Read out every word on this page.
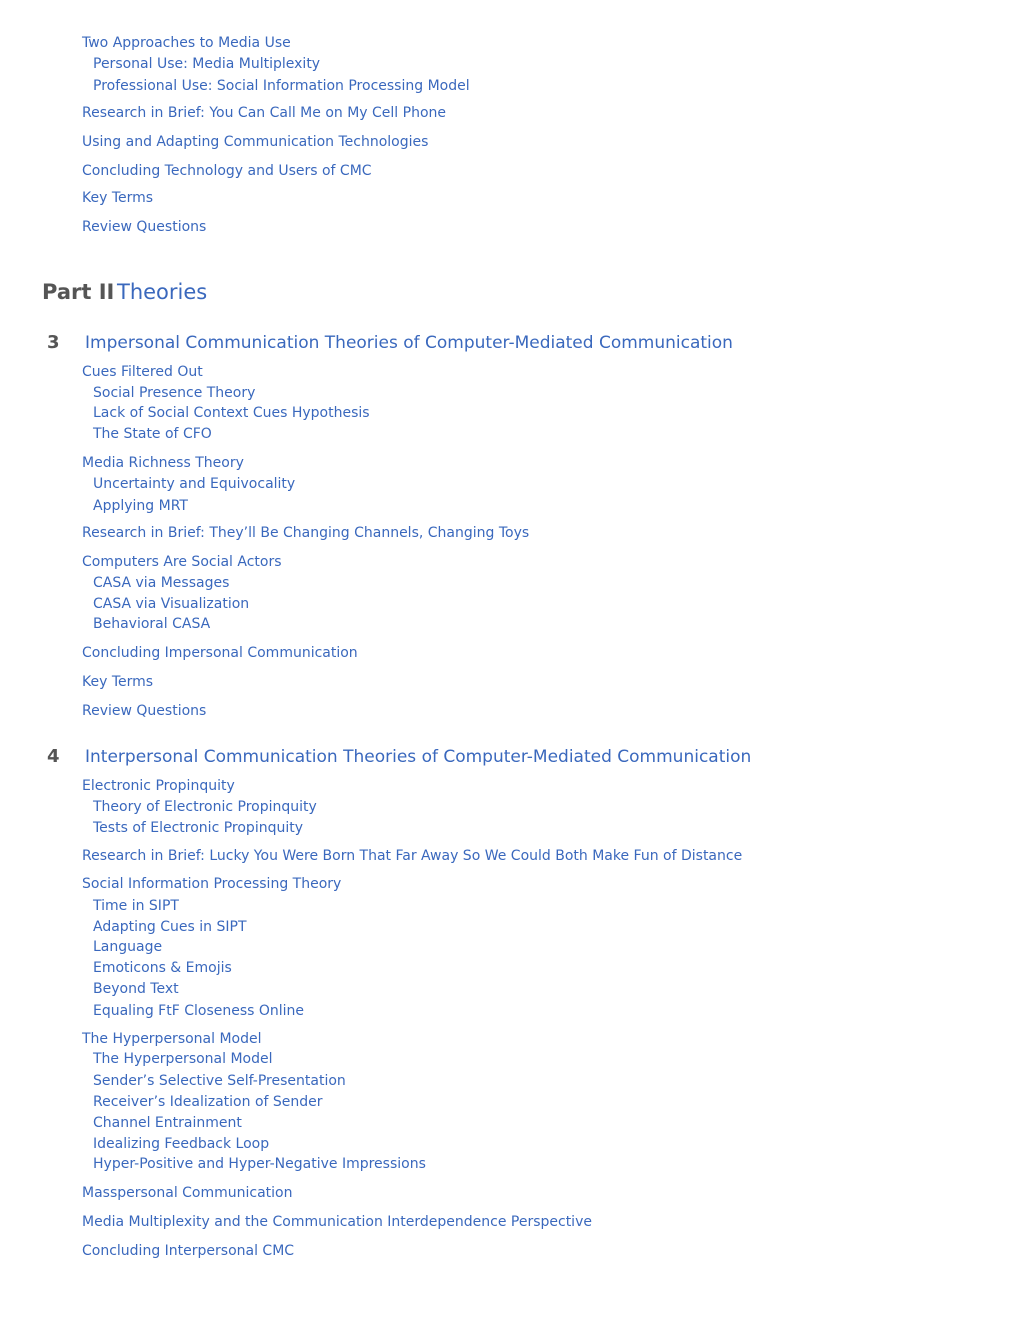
Two Approaches to Media Use
Personal Use: Media Multiplexity
Professional Use: Social Information Processing Model
Research in Brief: You Can Call Me on My Cell Phone
Using and Adapting Communication Technologies
Concluding Technology and Users of CMC
Key Terms
Review Questions
Part II Theories
3 Impersonal Communication Theories of Computer-Mediated Communication
Cues Filtered Out
Social Presence Theory
Lack of Social Context Cues Hypothesis
The State of CFO
Media Richness Theory
Uncertainty and Equivocality
Applying MRT
Research in Brief: They’ll Be Changing Channels, Changing Toys
Computers Are Social Actors
CASA via Messages
CASA via Visualization
Behavioral CASA
Concluding Impersonal Communication
Key Terms
Review Questions
4 Interpersonal Communication Theories of Computer-Mediated Communication
Electronic Propinquity
Theory of Electronic Propinquity
Tests of Electronic Propinquity
Research in Brief: Lucky You Were Born That Far Away So We Could Both Make Fun of Distance
Social Information Processing Theory
Time in SIPT
Adapting Cues in SIPT
Language
Emoticons & Emojis
Beyond Text
Equaling FtF Closeness Online
The Hyperpersonal Model
The Hyperpersonal Model
Sender’s Selective Self-Presentation
Receiver’s Idealization of Sender
Channel Entrainment
Idealizing Feedback Loop
Hyper-Positive and Hyper-Negative Impressions
Masspersonal Communication
Media Multiplexity and the Communication Interdependence Perspective
Concluding Interpersonal CMC
